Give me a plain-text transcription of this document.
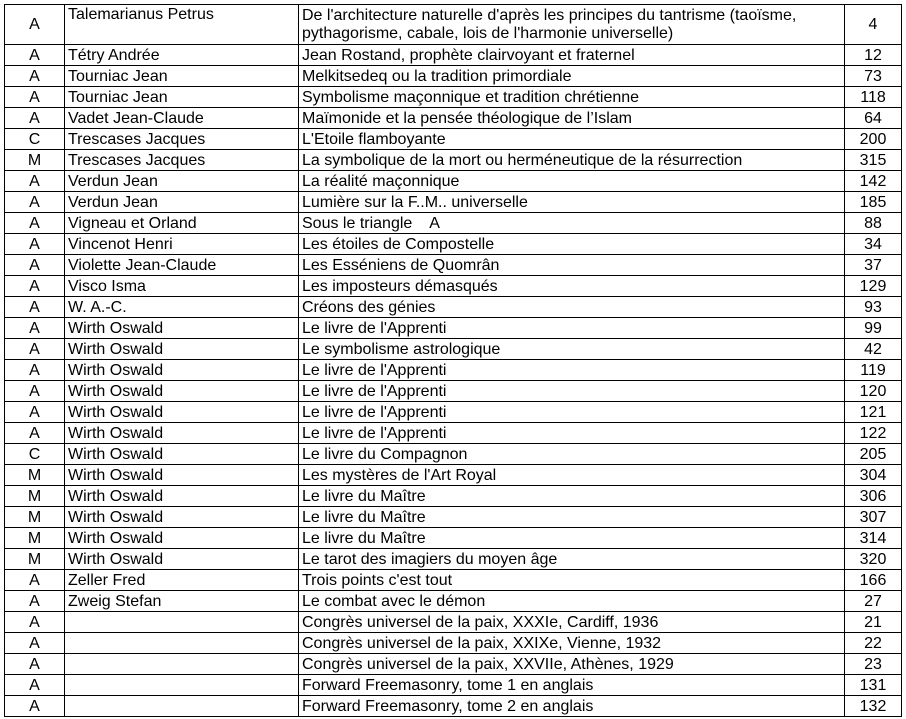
A	Talemarianus Petrus	De l'architecture naturelle d'après les principes du tantrisme (taoïsme, pythagorisme, cabale, lois de l'harmonie universelle)	4
A	Tétry Andrée	Jean Rostand, prophète clairvoyant et fraternel	12
A	Tourniac Jean	Melkitsedeq ou la tradition primordiale	73
A	Tourniac Jean	Symbolisme maçonnique et tradition chrétienne	118
A	Vadet Jean-Claude	Maïmonide et la pensée théologique de l’Islam	64
C	Trescases Jacques	L'Etoile flamboyante	200
M	Trescases Jacques	La symbolique de la mort ou herméneutique de la résurrection	315
A	Verdun Jean	La réalité maçonnique	142
A	Verdun Jean	Lumière sur la F..M.. universelle	185
A	Vigneau et Orland	Sous le triangle    A	88
A	Vincenot Henri	Les étoiles de Compostelle	34
A	Violette Jean-Claude	Les Esséniens de Quomrân	37
A	Visco Isma	Les imposteurs démasqués	129
A	W. A.-C.	Créons des génies	93
A	Wirth Oswald	Le livre de l'Apprenti	99
A	Wirth Oswald	Le symbolisme astrologique	42
A	Wirth Oswald	Le livre de l'Apprenti	119
A	Wirth Oswald	Le livre de l'Apprenti	120
A	Wirth Oswald	Le livre de l'Apprenti	121
A	Wirth Oswald	Le livre de l'Apprenti	122
C	Wirth Oswald	Le livre du Compagnon	205
M	Wirth Oswald	Les mystères de l'Art Royal	304
M	Wirth Oswald	Le livre du Maître	306
M	Wirth Oswald	Le livre du Maître	307
M	Wirth Oswald	Le livre du Maître	314
M	Wirth Oswald	Le tarot des imagiers du moyen âge	320
A	Zeller Fred	Trois points c'est tout	166
A	Zweig Stefan	Le combat avec le démon	27
A		Congrès universel de la paix, XXXIe, Cardiff, 1936	21
A		Congrès universel de la paix, XXIXe, Vienne, 1932	22
A		Congrès universel de la paix, XXVIIe, Athènes, 1929	23
A		Forward Freemasonry, tome 1 en anglais	131
A		Forward Freemasonry, tome 2 en anglais	132
